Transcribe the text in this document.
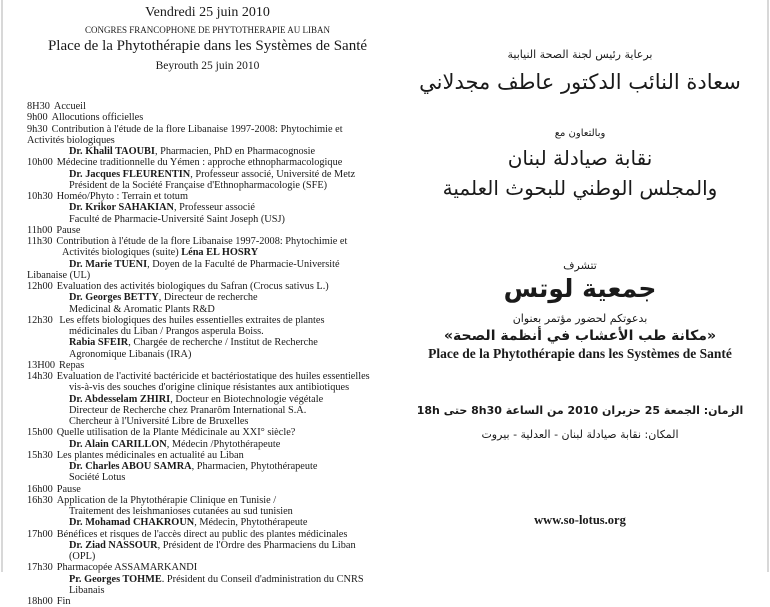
Vendredi 25 juin 2010
CONGRES FRANCOPHONE DE PHYTOTHERAPIE AU LIBAN
Place de la Phytothérapie dans les Systèmes de Santé
Beyrouth 25 juin 2010
8H30 Accueil
9h00 Allocutions officielles
9h30 Contribution à l'étude de la flore Libanaise 1997-2008: Phytochimie et
Activités biologiques
Dr. Khalil TAOUBI, Pharmacien, PhD en Pharmacognosie
10h00 Médecine traditionnelle du Yémen : approche ethnopharmacologique
Dr. Jacques FLEURENTIN, Professeur associé, Université de Metz
Président de la Société Française d'Ethnopharmacologie (SFE)
10h30 Homéo/Phyto : Terrain et totum
Dr. Krikor SAHAKIAN, Professeur associé
Faculté de Pharmacie-Université Saint Joseph (USJ)
11h00 Pause
11h30 Contribution à l'étude de la flore Libanaise 1997-2008: Phytochimie et
Activités biologiques (suite) Léna EL HOSRY
Dr. Marie TUENI, Doyen de la Faculté de Pharmacie-Université
Libanaise (UL)
12h00 Evaluation des activités biologiques du Safran (Crocus sativus L.)
Dr. Georges BETTY, Directeur de recherche
Medicinal & Aromatic Plants R&D
12h30 Les effets biologiques des huiles essentielles extraites de plantes
médicinales du Liban / Prangos asperula Boiss.
Rabia SFEIR, Chargée de recherche / Institut de Recherche
Agronomique Libanais (IRA)
13H00 Repas
14h30 Evaluation de l'activité bactéricide et bactériostatique des huiles essentielles
vis-à-vis des souches d'origine clinique résistantes aux antibiotiques
Dr. Abdesselam ZHIRI, Docteur en Biotechnologie végétale
Directeur de Recherche chez Pranarôm International S.A.
Chercheur à l'Université Libre de Bruxelles
15h00 Quelle utilisation de la Plante Médicinale au XXI° siècle?
Dr. Alain CARILLON, Médecin /Phytothérapeute
15h30 Les plantes médicinales en actualité au Liban
Dr. Charles ABOU SAMRA, Pharmacien, Phytothérapeute
Société Lotus
16h00 Pause
16h30 Application de la Phytothérapie Clinique en Tunisie /
Traitement des leishmanioses cutanées au sud tunisien
Dr. Mohamad CHAKROUN, Médecin, Phytothérapeute
17h00 Bénéfices et risques de l'accès direct au public des plantes médicinales
Dr. Ziad NASSOUR, Président de l'Ordre des Pharmaciens du Liban
(OPL)
17h30 Pharmacopée ASSAMARKANDI
Pr. Georges TOHME. Président du Conseil d'administration du CNRS
Libanais
18h00 Fin
برعاية رئيس لجنة الصحة النيابية
سعادة النائب الدكتور عاطف مجدلاني
وبالتعاون مع
نقابة صيادلة لبنان
والمجلس الوطني للبحوث العلمية
تتشرف
جمعية لوتس
بدعوتكم لحضور مؤتمر بعنوان
«مكانة طب الأعشاب في أنظمة الصحة»
Place de la Phytothérapie dans les Systèmes de Santé
الزمان: الجمعة 25 حزيران 2010 من الساعة 8h30 حتى 18h
المكان: نقابة صيادلة لبنان - العدلية - بيروت
www.so-lotus.org
